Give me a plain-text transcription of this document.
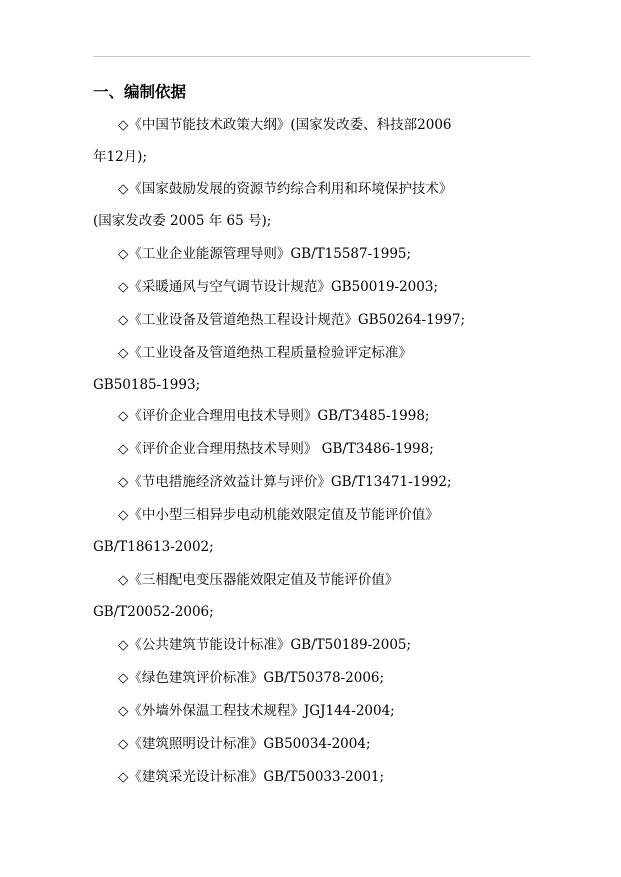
一、编制依据
◇《中国节能技术政策大纲》(国家发改委、科技部2006
年12月);
◇《国家鼓励发展的资源节约综合利用和环境保护技术》
(国家发改委 2005 年 65 号);
◇《工业企业能源管理导则》GB/T15587-1995;
◇《采暖通风与空气调节设计规范》GB50019-2003;
◇《工业设备及管道绝热工程设计规范》GB50264-1997;
◇《工业设备及管道绝热工程质量检验评定标准》
GB50185-1993;
◇《评价企业合理用电技术导则》GB/T3485-1998;
◇《评价企业合理用热技术导则》 GB/T3486-1998;
◇《节电措施经济效益计算与评价》GB/T13471-1992;
◇《中小型三相异步电动机能效限定值及节能评价值》
GB/T18613-2002;
◇《三相配电变压器能效限定值及节能评价值》
GB/T20052-2006;
◇《公共建筑节能设计标准》GB/T50189-2005;
◇《绿色建筑评价标准》GB/T50378-2006;
◇《外墙外保温工程技术规程》JGJ144-2004;
◇《建筑照明设计标准》GB50034-2004;
◇《建筑采光设计标准》GB/T50033-2001;
